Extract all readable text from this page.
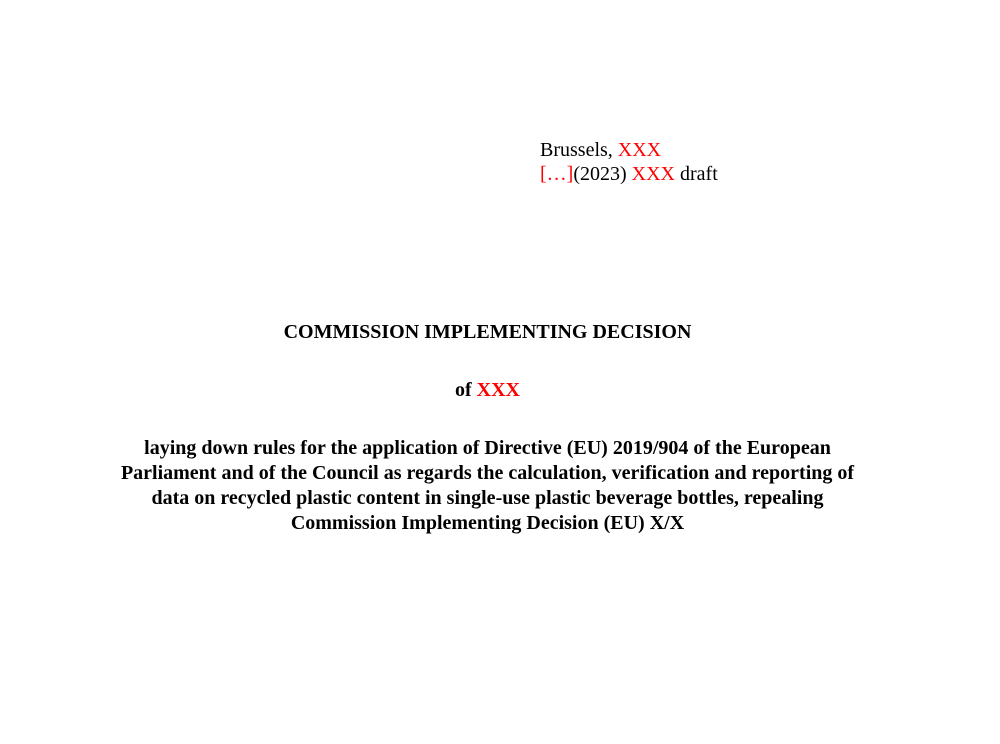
Brussels, XXX
[…](2023) XXX draft
COMMISSION IMPLEMENTING DECISION
of XXX
laying down rules for the application of Directive (EU) 2019/904 of the European
Parliament and of the Council as regards the calculation, verification and reporting of
data on recycled plastic content in single-use plastic beverage bottles, repealing
Commission Implementing Decision (EU) X/X
